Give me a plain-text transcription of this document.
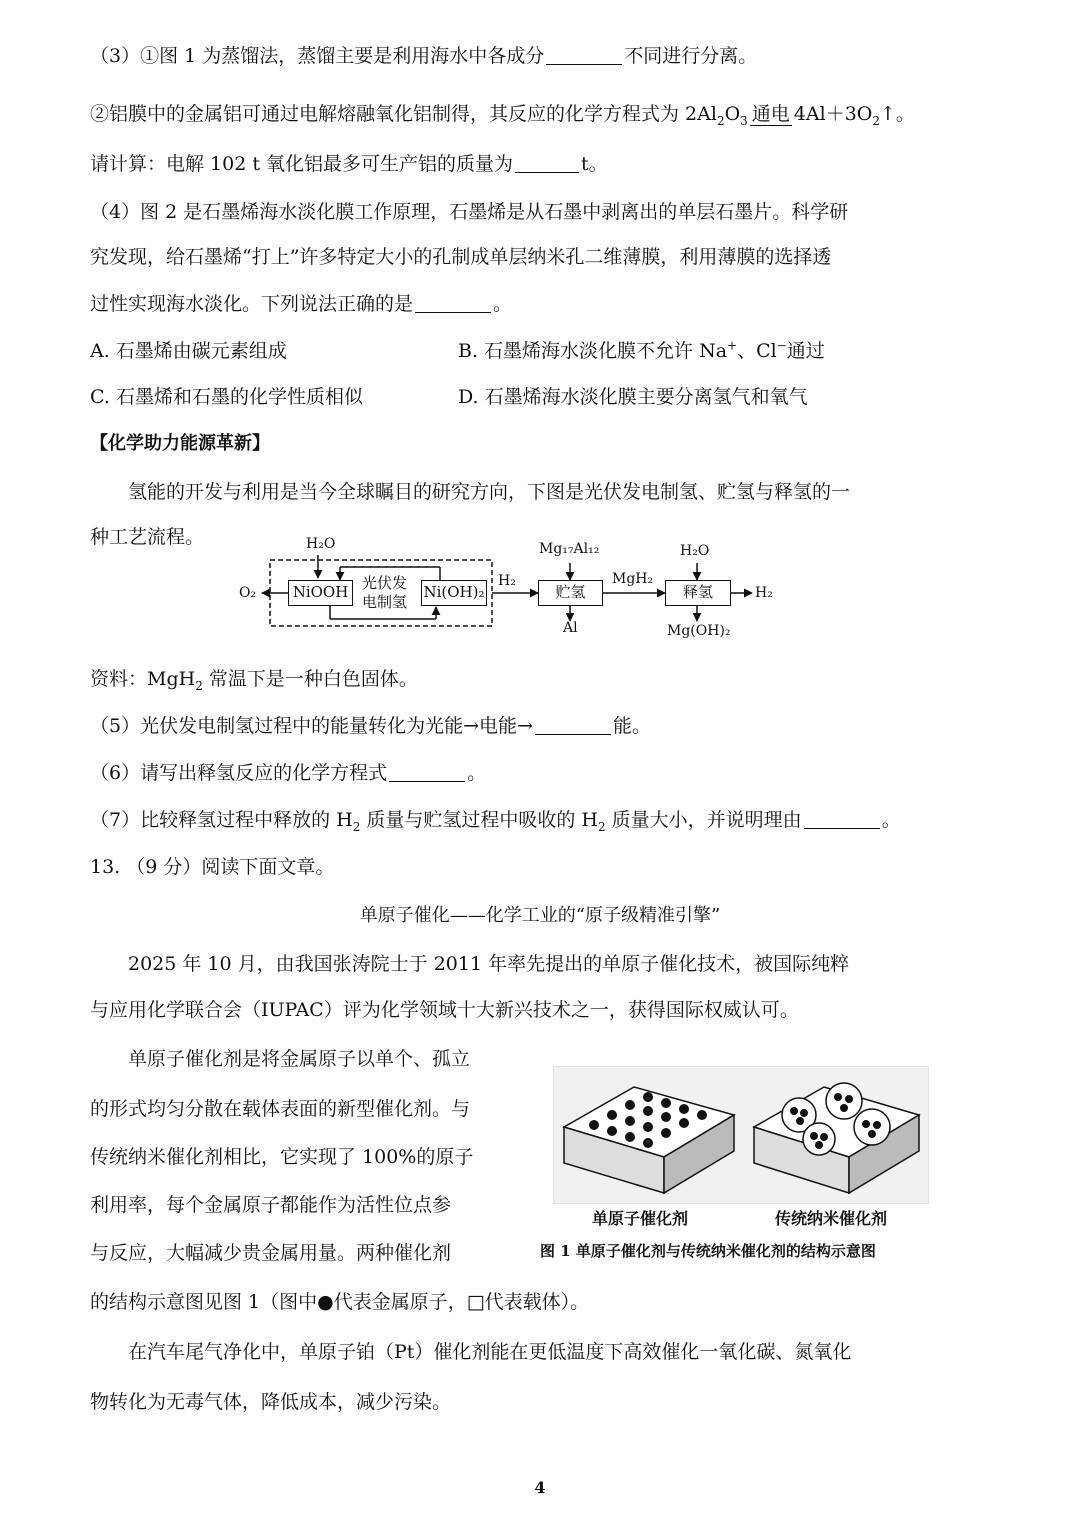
（3）①图 1 为蒸馏法，蒸馏主要是利用海水中各成分	不同进行分离。
②铝膜中的金属铝可通过电解熔融氧化铝制得，其反应的化学方程式为 $2Al_2O_3$ 通电 $4Al+3O_2↑$。
请计算：电解 102 t 氧化铝最多可生产铝的质量为	t。
（4）图 2 是石墨烯海水淡化膜工作原理，石墨烯是从石墨中剥离出的单层石墨片。科学研
究发现，给石墨烯“打上”许多特定大小的孔制成单层纳米孔二维薄膜，利用薄膜的选择透
过性实现海水淡化。下列说法正确的是	。
A. 石墨烯由碳元素组成	B. 石墨烯海水淡化膜不允许 Na+、Cl−通过
C. 石墨烯和石墨的化学性质相似	D. 石墨烯海水淡化膜主要分离氢气和氧气
【化学助力能源革新】
氢能的开发与利用是当今全球瞩目的研究方向，下图是光伏发电制氢、贮氢与释氢的一
种工艺流程。	H₂O
O₂	NiOOH 光伏发
电制氢
Ni(OH)₂
H₂
Mg₁₇Al₁₂
贮氢
Al
MgH₂
H₂O
释氢	H₂
Mg(OH)₂
资料：MgH$_2$ 常温下是一种白色固体。
（5）光伏发电制氢过程中的能量转化为光能→电能→	能。
（6）请写出释氢反应的化学方程式	。
（7）比较释氢过程中释放的 $H_2$ 质量与贮氢过程中吸收的 $H_2$ 质量大小，并说明理由	。
13. （9 分）阅读下面文章。
单原子催化——化学工业的“原子级精准引擎”
2025 年 10 月，由我国张涛院士于 2011 年率先提出的单原子催化技术，被国际纯粹
与应用化学联合会（IUPAC）评为化学领域十大新兴技术之一，获得国际权威认可。
单原子催化剂是将金属原子以单个、孤立
的形式均匀分散在载体表面的新型催化剂。与
传统纳米催化剂相比，它实现了 100%的原子
利用率，每个金属原子都能作为活性位点参
与反应，大幅减少贵金属用量。两种催化剂
的结构示意图见图 1（图中●代表金属原子，□代表载体）。
在汽车尾气净化中，单原子铂（Pt）催化剂能在更低温度下高效催化一氧化碳、氮氧化
物转化为无毒气体，降低成本，减少污染。
单原子催化剂	传统纳米催化剂
图 1 单原子催化剂与传统纳米催化剂的结构示意图
4
